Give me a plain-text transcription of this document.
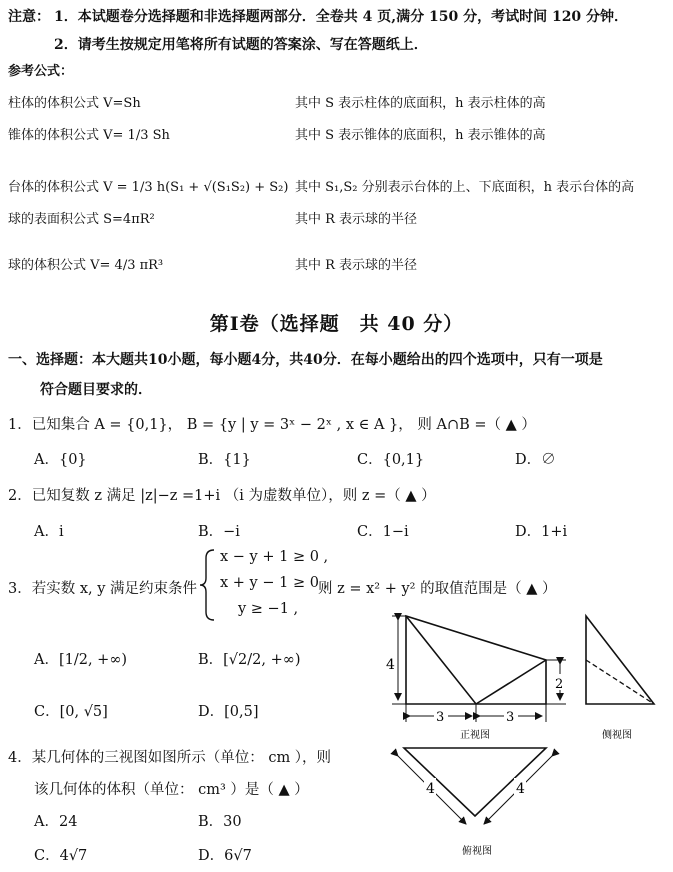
注意： 1．本试题卷分选择题和非选择题两部分．全卷共 4 页,满分 150 分，考试时间 120 分钟．
2．请考生按规定用笔将所有试题的答案涂、写在答题纸上．
参考公式：
柱体的体积公式 V=Sh	其中 S 表示柱体的底面积，h 表示柱体的高
锥体的体积公式 V= 1/3 Sh	其中 S 表示锥体的底面积，h 表示锥体的高
台体的体积公式 V = 1/3 h(S₁ + √(S₁S₂) + S₂) 其中 S₁,S₂ 分别表示台体的上、下底面积，h 表示台体的高
球的表面积公式 S=4πR²	其中 R 表示球的半径
球的体积公式 V= 4/3 πR³	其中 R 表示球的半径
第Ⅰ卷（选择题　共 40 分）
一、选择题：本大题共10小题，每小题4分，共40分．在每小题给出的四个选项中，只有一项是
符合题目要求的．
1．已知集合 A = {0,1}， B = {y | y = 3ˣ − 2ˣ , x ∈ A }， 则 A∩B =（ ▲ ）
A．{0}	B．{1}	C．{0,1}	D．∅
2．已知复数 z 满足 |z|−z =1+i （i 为虚数单位），则 z =（ ▲ ）
A．i	B．−i	C．1−i	D．1+i
3．若实数 x, y 满足约束条件
x − y + 1 ≥ 0 ,
x + y − 1 ≥ 0 ,
y ≥ −1 ,
则 z = x² + y² 的取值范围是（ ▲ ）
A．[1/2, +∞)	B．[√2/2, +∞)
C．[0, √5]	D．[0,5]
4．某几何体的三视图如图所示（单位： cm ），则
该几何体的体积（单位： cm³ ）是（ ▲ ）
A．24	B．30
C．4√7	D．6√7
4
2
3	3
正视图	侧视图
4	4
俯视图
